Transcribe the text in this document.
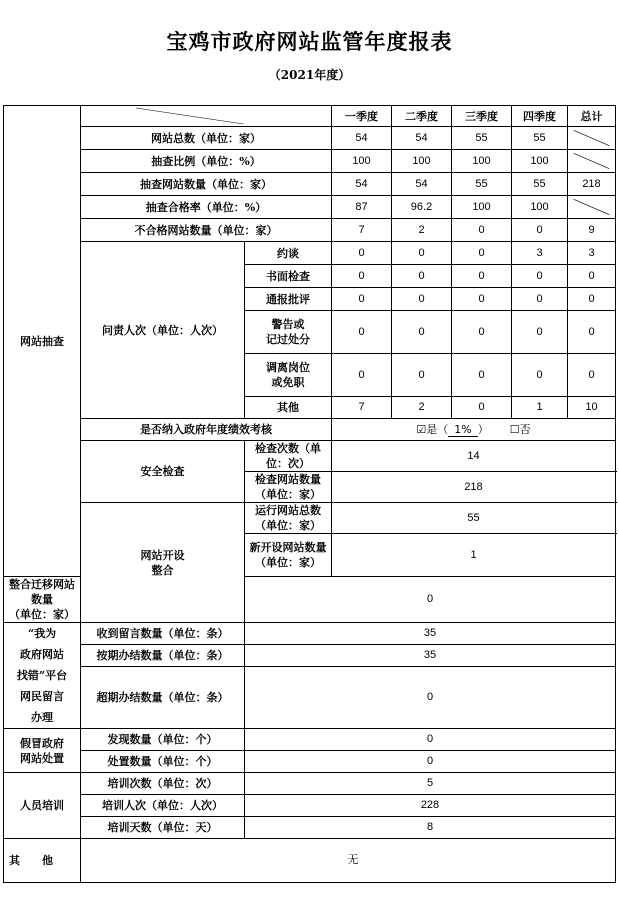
宝鸡市政府网站监管年度报表
（2021年度）
网站抽查			一季度	二季度	三季度	四季度	总计
	网站总数（单位：家）		54	54	55	55	

	抽查比例（单位：%）		100	100	100	100	

	抽查网站数量（单位：家）		54	54	55	55	218
	抽查合格率（单位：%）		87	96.2	100	100	

	不合格网站数量（单位：家）		7	2	0	0	9
	问责人次（单位：人次）	约谈	0	0	0	3	3
		书面检查	0	0	0	0	0
		通报批评	0	0	0	0	0

		警告或
记过处分	0	0	0	0	0

		调离岗位
或免职	0	0	0	0	0
		其他	7	2	0	1	10
	是否纳入政府年度绩效考核		☑是（ 1% ） ☐否				
	安全检查	检查次数（单位：次）	14				
		检查网站数量（单位：家）	218				

	网站开设
整合	运行网站总数（单位：家）	55				

		新开设网站数量
（单位：家）	1				

整合迁移网站数量
（单位：家）		0					

“我为
政府网站
找错”平台
网民留言
办理	收到留言数量（单位：条）	35					
	按期办结数量（单位：条）	35					
	超期办结数量（单位：条）	0					

假冒政府
网站处置	发现数量（单位：个）	0					
	处置数量（单位：个）	0					
人员培训	培训次数（单位：次）	5					
	培训人次（单位：人次）	228					
	培训天数（单位：天）	8					
其他	无						
